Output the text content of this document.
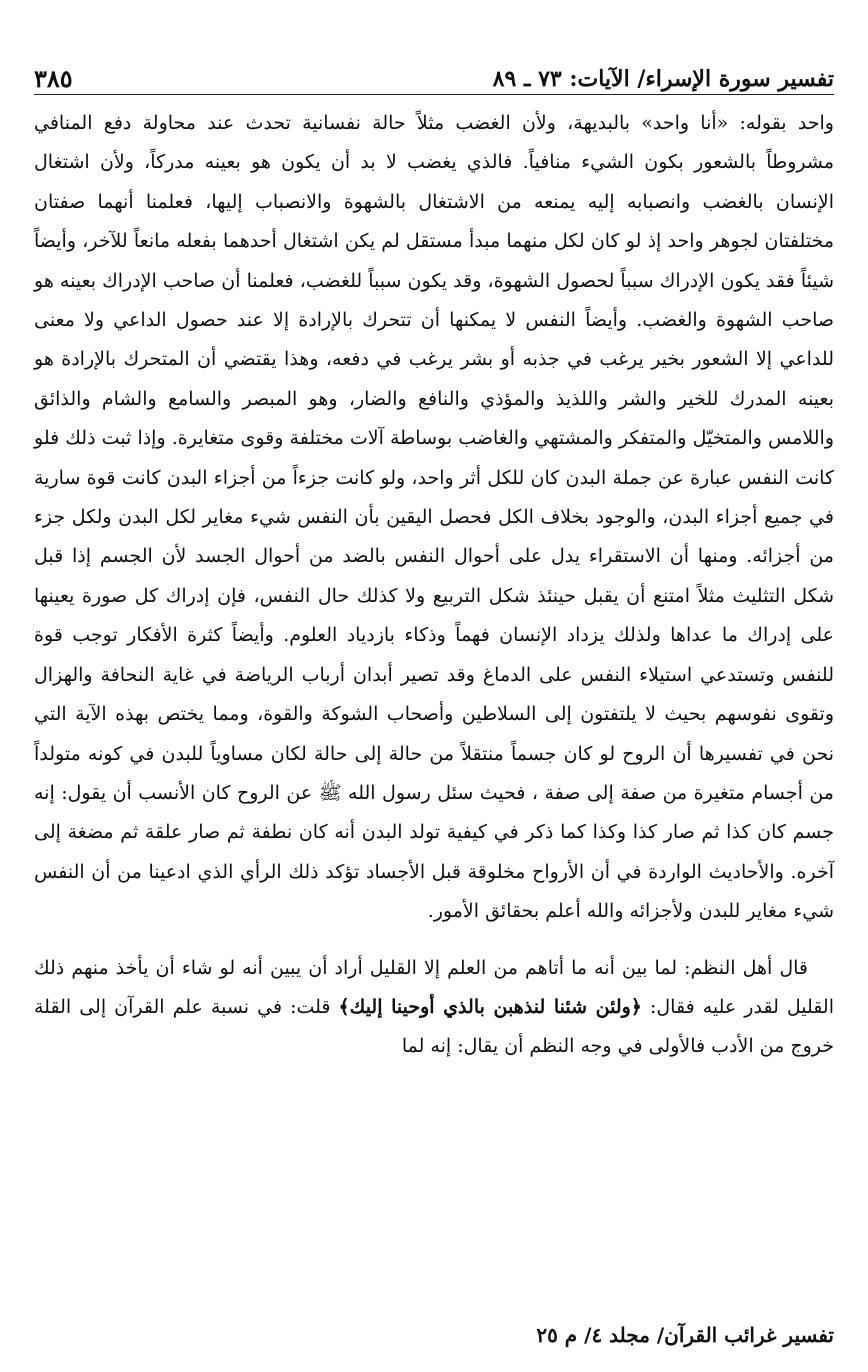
تفسير سورة الإسراء/ الآيات: ٧٣ ـ ٨٩
٣٨٥

واحد بقوله: «أنا واحد» بالبديهة، ولأن الغضب مثلاً حالة نفسانية تحدث عند محاولة دفع المنافي مشروطاً بالشعور بكون الشيء منافياً. فالذي يغضب لا بد أن يكون هو بعينه مدركاً، ولأن اشتغال الإنسان بالغضب وانصبابه إليه يمنعه من الاشتغال بالشهوة والانصباب إليها، فعلمنا أنهما صفتان مختلفتان لجوهر واحد إذ لو كان لكل منهما مبدأ مستقل لم يكن اشتغال أحدهما بفعله مانعاً للآخر، وأيضاً شيئاً فقد يكون الإدراك سبباً لحصول الشهوة، وقد يكون سبباً للغضب، فعلمنا أن صاحب الإدراك بعينه هو صاحب الشهوة والغضب. وأيضاً النفس لا يمكنها أن تتحرك بالإرادة إلا عند حصول الداعي ولا معنى للداعي إلا الشعور بخير يرغب في جذبه أو بشر يرغب في دفعه، وهذا يقتضي أن المتحرك بالإرادة هو بعينه المدرك للخير والشر واللذيذ والمؤذي والنافع والضار، وهو المبصر والسامع والشام والذائق واللامس والمتخيّل والمتفكر والمشتهي والغاضب بوساطة آلات مختلفة وقوى متغايرة. وإذا ثبت ذلك فلو كانت النفس عبارة عن جملة البدن كان للكل أثر واحد، ولو كانت جزءاً من أجزاء البدن كانت قوة سارية في جميع أجزاء البدن، والوجود بخلاف الكل فحصل اليقين بأن النفس شيء مغاير لكل البدن ولكل جزء من أجزائه. ومنها أن الاستقراء يدل على أحوال النفس بالضد من أحوال الجسد لأن الجسم إذا قبل شكل التثليث مثلاً امتنع أن يقبل حينئذ شكل التربيع ولا كذلك حال النفس، فإن إدراك كل صورة يعينها على إدراك ما عداها ولذلك يزداد الإنسان فهماً وذكاء بازدياد العلوم. وأيضاً كثرة الأفكار توجب قوة للنفس وتستدعي استيلاء النفس على الدماغ وقد تصير أبدان أرباب الرياضة في غاية النحافة والهزال وتقوى نفوسهم بحيث لا يلتفتون إلى السلاطين وأصحاب الشوكة والقوة، ومما يختص بهذه الآية التي نحن في تفسيرها أن الروح لو كان جسماً منتقلاً من حالة إلى حالة لكان مساوياً للبدن في كونه متولداً من أجسام متغيرة من صفة إلى صفة ، فحيث سئل رسول الله ﷺ عن الروح كان الأنسب أن يقول: إنه جسم كان كذا ثم صار كذا وكذا كما ذكر في كيفية تولد البدن أنه كان نطفة ثم صار علقة ثم مضغة إلى آخره. والأحاديث الواردة في أن الأرواح مخلوقة قبل الأجساد تؤكد ذلك الرأي الذي ادعينا من أن النفس شيء مغاير للبدن ولأجزائه والله أعلم بحقائق الأمور.

قال أهل النظم: لما بين أنه ما أتاهم من العلم إلا القليل أراد أن يبين أنه لو شاء أن يأخذ منهم ذلك القليل لقدر عليه فقال: ﴿ولئن شئنا لنذهبن بالذي أوحينا إليك﴾ قلت: في نسبة علم القرآن إلى القلة خروج من الأدب فالأولى في وجه النظم أن يقال: إنه لما

تفسير غرائب القرآن/ مجلد ٤/ م ٢٥
